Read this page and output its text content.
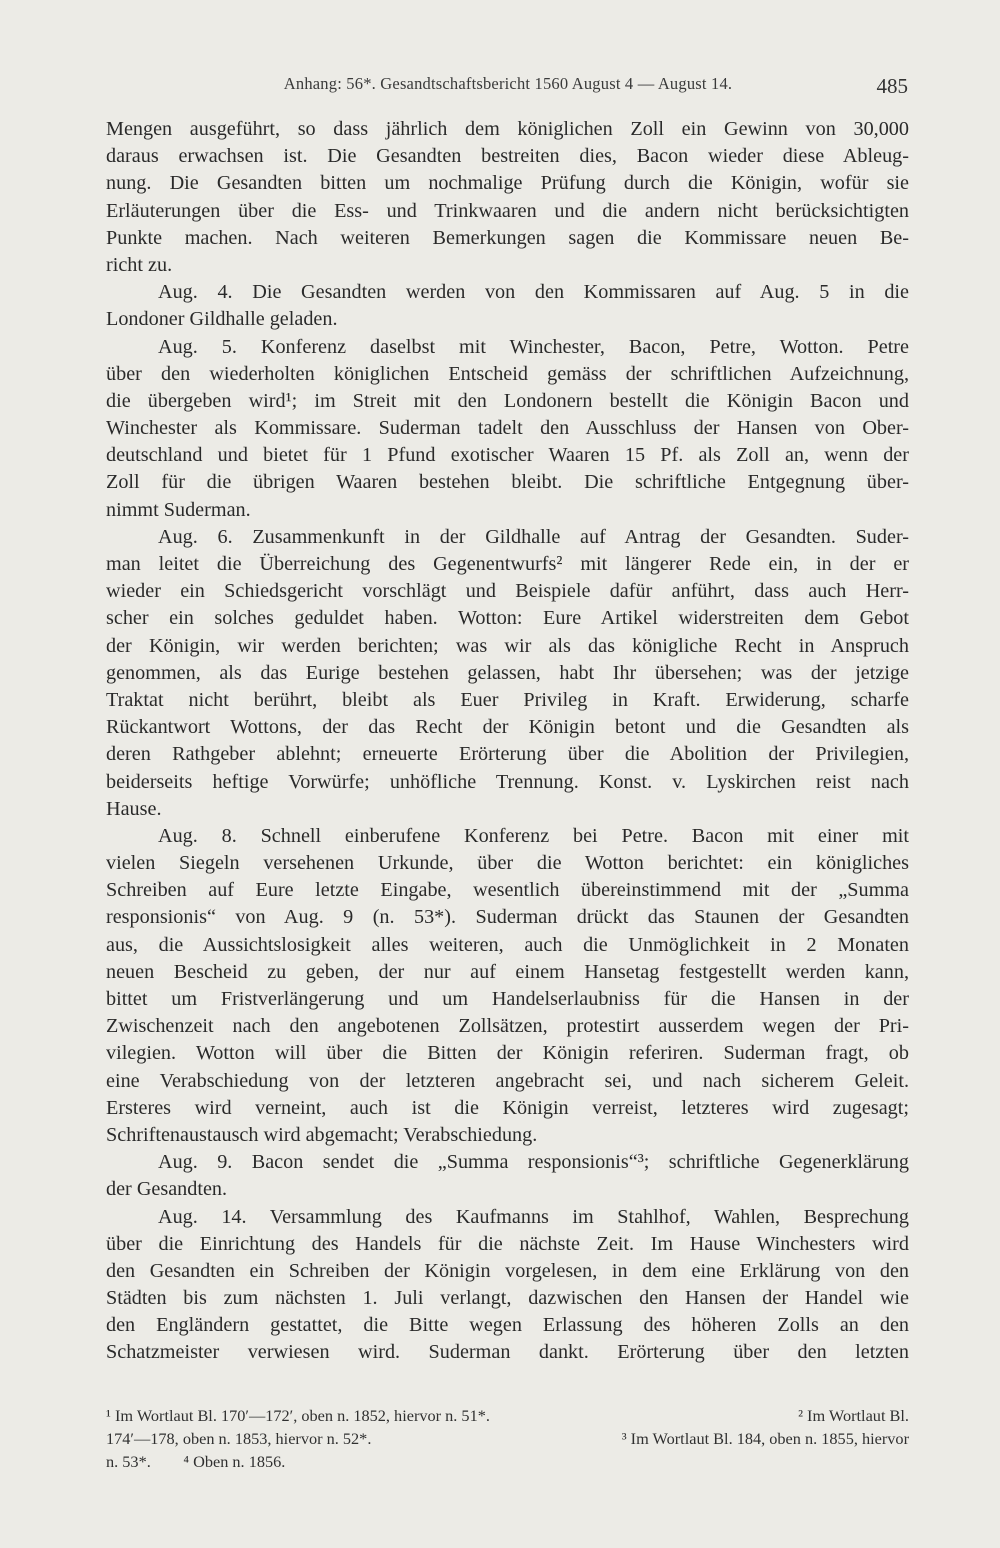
Anhang: 56*. Gesandtschaftsbericht 1560 August 4 — August 14.	485
Mengen ausgeführt, so dass jährlich dem königlichen Zoll ein Gewinn von 30,000
daraus erwachsen ist. Die Gesandten bestreiten dies, Bacon wieder diese Ableug-
nung. Die Gesandten bitten um nochmalige Prüfung durch die Königin, wofür sie
Erläuterungen über die Ess- und Trinkwaaren und die andern nicht berücksichtigten
Punkte machen. Nach weiteren Bemerkungen sagen die Kommissare neuen Be-
richt zu.
Aug. 4. Die Gesandten werden von den Kommissaren auf Aug. 5 in die
Londoner Gildhalle geladen.
Aug. 5. Konferenz daselbst mit Winchester, Bacon, Petre, Wotton. Petre
über den wiederholten königlichen Entscheid gemäss der schriftlichen Aufzeichnung,
die übergeben wird¹; im Streit mit den Londonern bestellt die Königin Bacon und
Winchester als Kommissare. Suderman tadelt den Ausschluss der Hansen von Ober-
deutschland und bietet für 1 Pfund exotischer Waaren 15 Pf. als Zoll an, wenn der
Zoll für die übrigen Waaren bestehen bleibt. Die schriftliche Entgegnung über-
nimmt Suderman.
Aug. 6. Zusammenkunft in der Gildhalle auf Antrag der Gesandten. Suder-
man leitet die Überreichung des Gegenentwurfs² mit längerer Rede ein, in der er
wieder ein Schiedsgericht vorschlägt und Beispiele dafür anführt, dass auch Herr-
scher ein solches geduldet haben. Wotton: Eure Artikel widerstreiten dem Gebot
der Königin, wir werden berichten; was wir als das königliche Recht in Anspruch
genommen, als das Eurige bestehen gelassen, habt Ihr übersehen; was der jetzige
Traktat nicht berührt, bleibt als Euer Privileg in Kraft. Erwiderung, scharfe
Rückantwort Wottons, der das Recht der Königin betont und die Gesandten als
deren Rathgeber ablehnt; erneuerte Erörterung über die Abolition der Privilegien,
beiderseits heftige Vorwürfe; unhöfliche Trennung. Konst. v. Lyskirchen reist nach
Hause.
Aug. 8. Schnell einberufene Konferenz bei Petre. Bacon mit einer mit
vielen Siegeln versehenen Urkunde, über die Wotton berichtet: ein königliches
Schreiben auf Eure letzte Eingabe, wesentlich übereinstimmend mit der „Summa
responsionis“ von Aug. 9 (n. 53*). Suderman drückt das Staunen der Gesandten
aus, die Aussichtslosigkeit alles weiteren, auch die Unmöglichkeit in 2 Monaten
neuen Bescheid zu geben, der nur auf einem Hansetag festgestellt werden kann,
bittet um Fristverlängerung und um Handelserlaubniss für die Hansen in der
Zwischenzeit nach den angebotenen Zollsätzen, protestirt ausserdem wegen der Pri-
vilegien. Wotton will über die Bitten der Königin referiren. Suderman fragt, ob
eine Verabschiedung von der letzteren angebracht sei, und nach sicherem Geleit.
Ersteres wird verneint, auch ist die Königin verreist, letzteres wird zugesagt;
Schriftenaustausch wird abgemacht; Verabschiedung.
Aug. 9. Bacon sendet die „Summa responsionis“³; schriftliche Gegenerklärung
der Gesandten.
Aug. 14. Versammlung des Kaufmanns im Stahlhof, Wahlen, Besprechung
über die Einrichtung des Handels für die nächste Zeit. Im Hause Winchesters wird
den Gesandten ein Schreiben der Königin vorgelesen, in dem eine Erklärung von den
Städten bis zum nächsten 1. Juli verlangt, dazwischen den Hansen der Handel wie
den Engländern gestattet, die Bitte wegen Erlassung des höheren Zolls an den
Schatzmeister verwiesen wird. Suderman dankt. Erörterung über den letzten
¹ Im Wortlaut Bl. 170′—172′, oben n. 1852, hiervor n. 51*.	² Im Wortlaut Bl.
174′—178, oben n. 1853, hiervor n. 52*.	³ Im Wortlaut Bl. 184, oben n. 1855, hiervor
n. 53*.        ⁴ Oben n. 1856.
